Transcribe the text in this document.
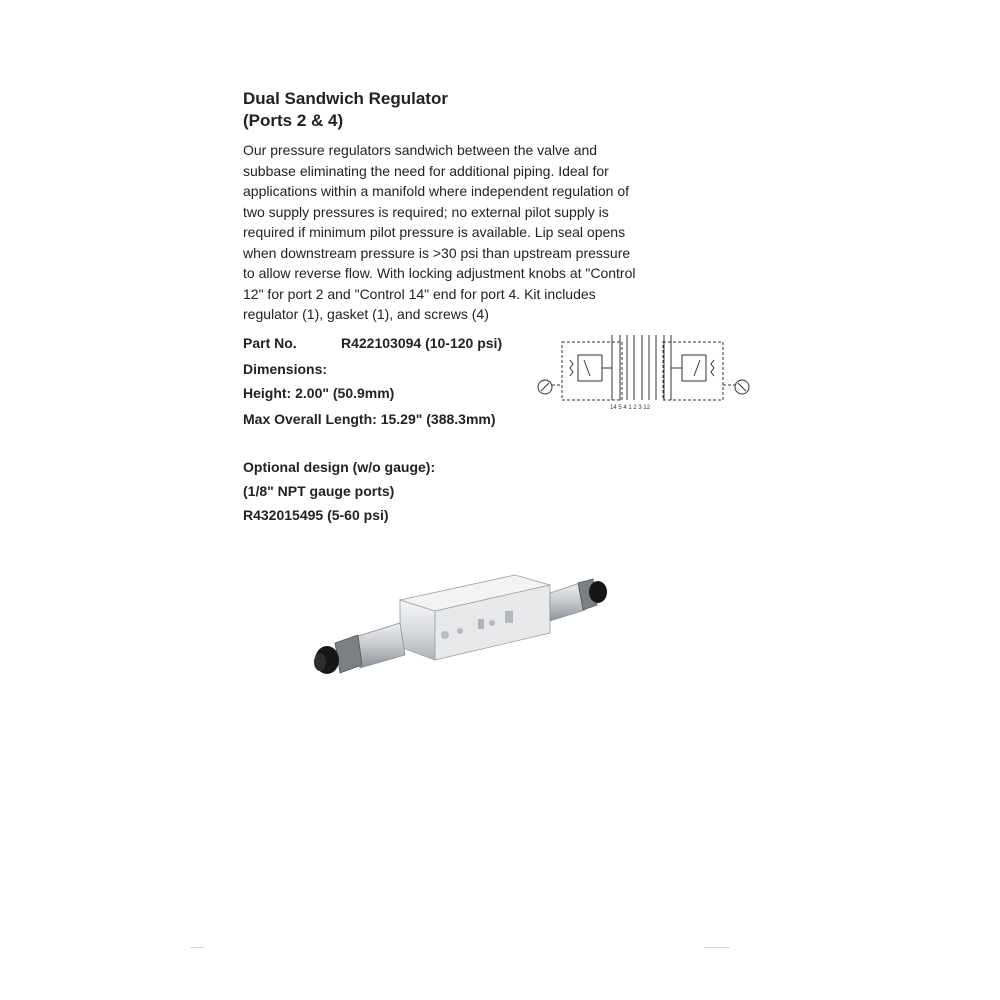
Dual Sandwich Regulator
(Ports 2 & 4)
Our pressure regulators sandwich between the valve and
subbase eliminating the need for additional piping. Ideal for
applications within a manifold where independent regulation of
two supply pressures is required; no external pilot supply is
required if minimum pilot pressure is available. Lip seal opens
when downstream pressure is >30 psi than upstream pressure
to allow reverse flow. With locking adjustment knobs at "Control
12" for port 2 and "Control 14" end for port 4. Kit includes
regulator (1), gasket (1), and screws (4)
Part No.	R422103094 (10-120 psi)
Dimensions:
Height: 2.00" (50.9mm)
Max Overall Length: 15.29" (388.3mm)
Optional design (w/o gauge):
(1/8" NPT gauge ports)
R432015495 (5-60 psi)
14 5 4 1 2 3 12
